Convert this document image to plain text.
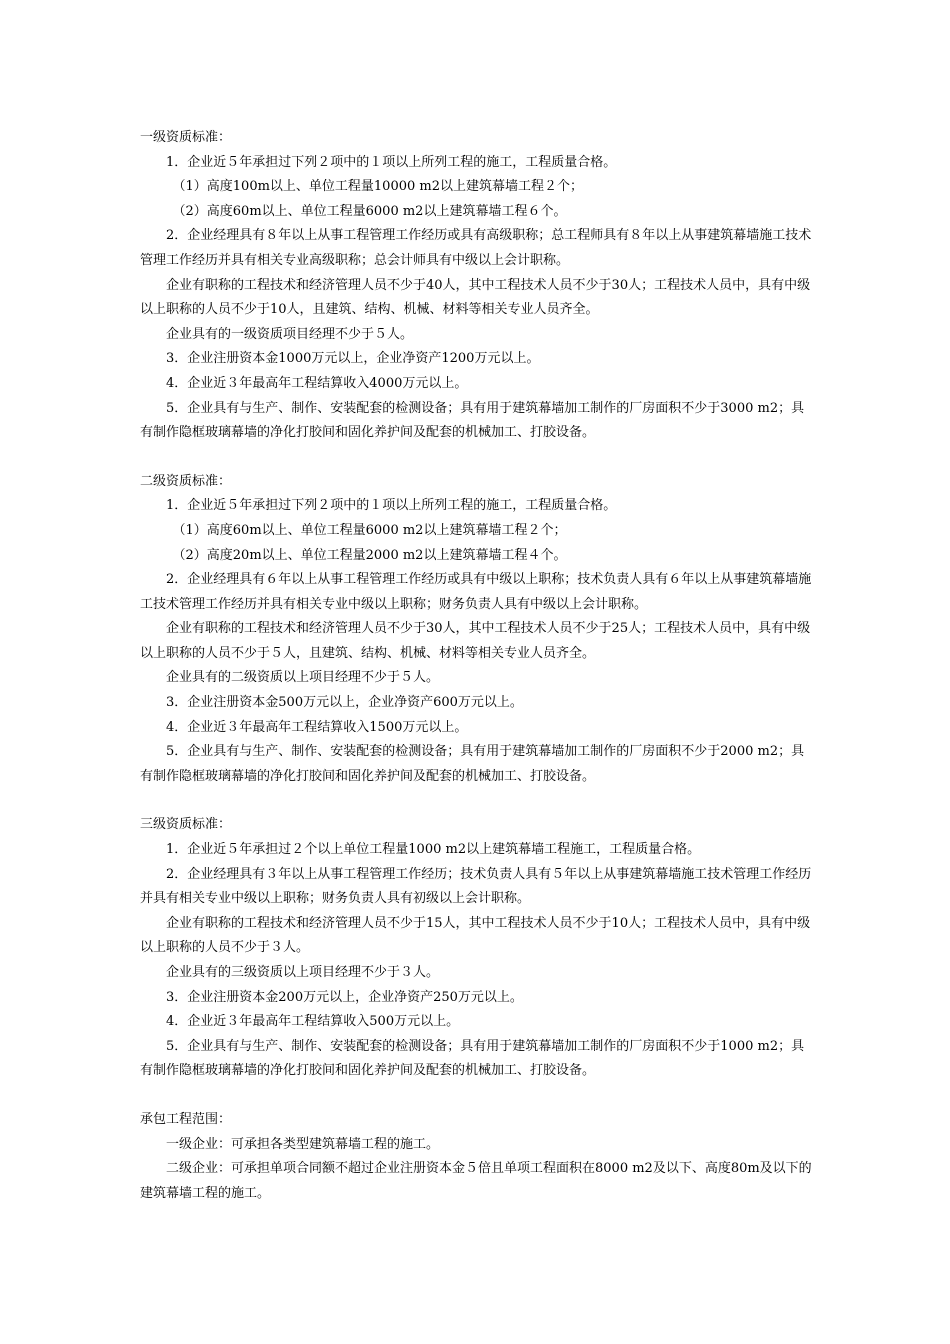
一级资质标准：

1．企业近５年承担过下列２项中的１项以上所列工程的施工，工程质量合格。

（1）高度100m以上、单位工程量10000 m2以上建筑幕墙工程２个；

（2）高度60m以上、单位工程量6000 m2以上建筑幕墙工程６个。

2．企业经理具有８年以上从事工程管理工作经历或具有高级职称；总工程师具有８年以上从事建筑幕墙施工技术管理工作经历并具有相关专业高级职称；总会计师具有中级以上会计职称。

企业有职称的工程技术和经济管理人员不少于40人，其中工程技术人员不少于30人；工程技术人员中，具有中级以上职称的人员不少于10人，且建筑、结构、机械、材料等相关专业人员齐全。

企业具有的一级资质项目经理不少于５人。

3．企业注册资本金1000万元以上，企业净资产1200万元以上。

4．企业近３年最高年工程结算收入4000万元以上。

5．企业具有与生产、制作、安装配套的检测设备；具有用于建筑幕墙加工制作的厂房面积不少于3000 m2；具有制作隐框玻璃幕墙的净化打胶间和固化养护间及配套的机械加工、打胶设备。

二级资质标准：

1．企业近５年承担过下列２项中的１项以上所列工程的施工，工程质量合格。

（1）高度60m以上、单位工程量6000 m2以上建筑幕墙工程２个；

（2）高度20m以上、单位工程量2000 m2以上建筑幕墙工程４个。

2．企业经理具有６年以上从事工程管理工作经历或具有中级以上职称；技术负责人具有６年以上从事建筑幕墙施工技术管理工作经历并具有相关专业中级以上职称；财务负责人具有中级以上会计职称。

企业有职称的工程技术和经济管理人员不少于30人，其中工程技术人员不少于25人；工程技术人员中，具有中级以上职称的人员不少于５人，且建筑、结构、机械、材料等相关专业人员齐全。

企业具有的二级资质以上项目经理不少于５人。

3．企业注册资本金500万元以上，企业净资产600万元以上。

4．企业近３年最高年工程结算收入1500万元以上。

5．企业具有与生产、制作、安装配套的检测设备；具有用于建筑幕墙加工制作的厂房面积不少于2000 m2；具有制作隐框玻璃幕墙的净化打胶间和固化养护间及配套的机械加工、打胶设备。

三级资质标准：

1．企业近５年承担过２个以上单位工程量1000 m2以上建筑幕墙工程施工，工程质量合格。

2．企业经理具有３年以上从事工程管理工作经历；技术负责人具有５年以上从事建筑幕墙施工技术管理工作经历并具有相关专业中级以上职称；财务负责人具有初级以上会计职称。

企业有职称的工程技术和经济管理人员不少于15人，其中工程技术人员不少于10人；工程技术人员中，具有中级以上职称的人员不少于３人。

企业具有的三级资质以上项目经理不少于３人。

3．企业注册资本金200万元以上，企业净资产250万元以上。

4．企业近３年最高年工程结算收入500万元以上。

5．企业具有与生产、制作、安装配套的检测设备；具有用于建筑幕墙加工制作的厂房面积不少于1000 m2；具有制作隐框玻璃幕墙的净化打胶间和固化养护间及配套的机械加工、打胶设备。

承包工程范围：

一级企业：可承担各类型建筑幕墙工程的施工。

二级企业：可承担单项合同额不超过企业注册资本金５倍且单项工程面积在8000 m2及以下、高度80m及以下的建筑幕墙工程的施工。
